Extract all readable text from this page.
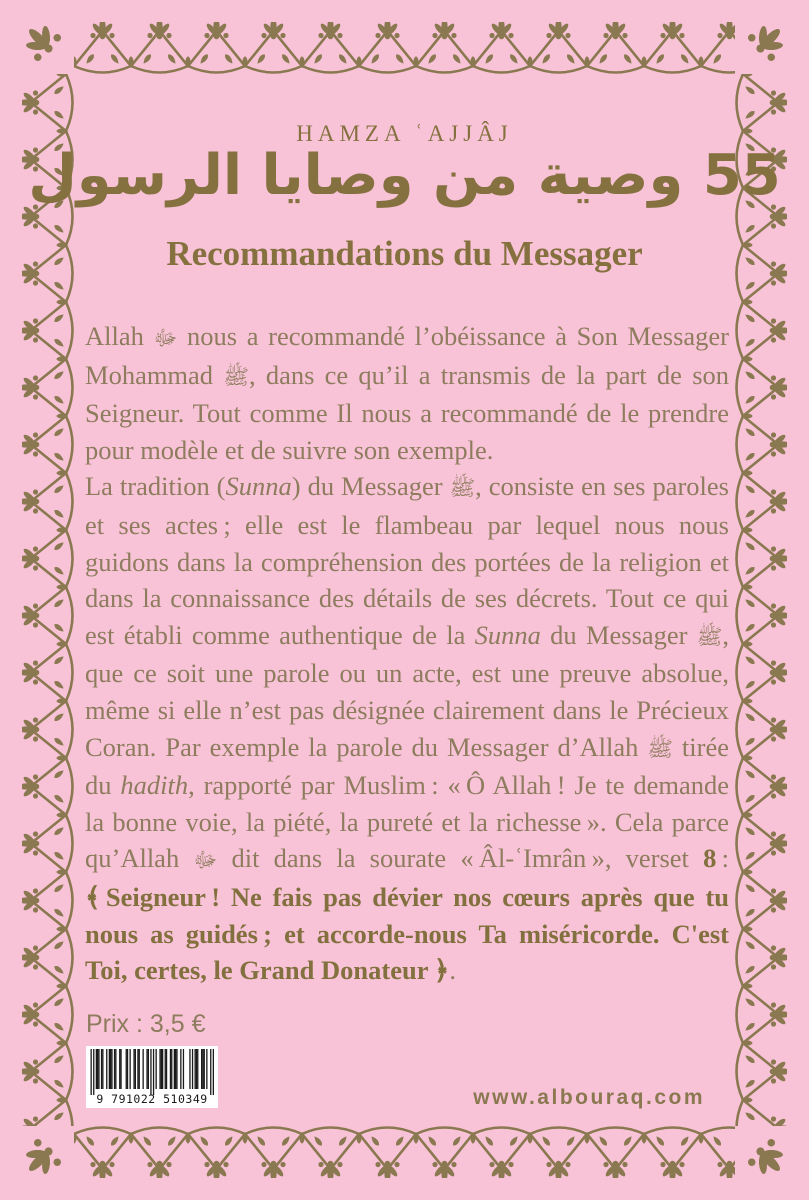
HAMZA ʿAJJÂJ
55 وصية من وصايا الرسول
Recommandations du Messager

Allah ﷻ nous a recommandé l’obéissance à Son Messager Mohammad ﷺ, dans ce qu’il a transmis de la part de son Seigneur. Tout comme Il nous a recommandé de le prendre pour modèle et de suivre son exemple.

La tradition (Sunna) du Messager ﷺ, consiste en ses paroles et ses actes ; elle est le flambeau par lequel nous nous guidons dans la compréhension des portées de la religion et dans la connaissance des détails de ses décrets. Tout ce qui est établi comme authentique de la Sunna du Messager ﷺ, que ce soit une parole ou un acte, est une preuve absolue, même si elle n’est pas désignée clairement dans le Précieux Coran. Par exemple la parole du Messager d’Allah ﷺ tirée du hadith, rapporté par Muslim : « Ô Allah ! Je te demande la bonne voie, la piété, la pureté et la richesse ». Cela parce qu’Allah ﷻ dit dans la sourate « Âl-ʿImrân », verset 8 : ﴾ Seigneur ! Ne fais pas dévier nos cœurs après que tu nous as guidés ; et accorde-nous Ta miséricorde. C'est Toi, certes, le Grand Donateur ﴿.

Prix : 3,5 €
9 791022 510349	www.albouraq.com
